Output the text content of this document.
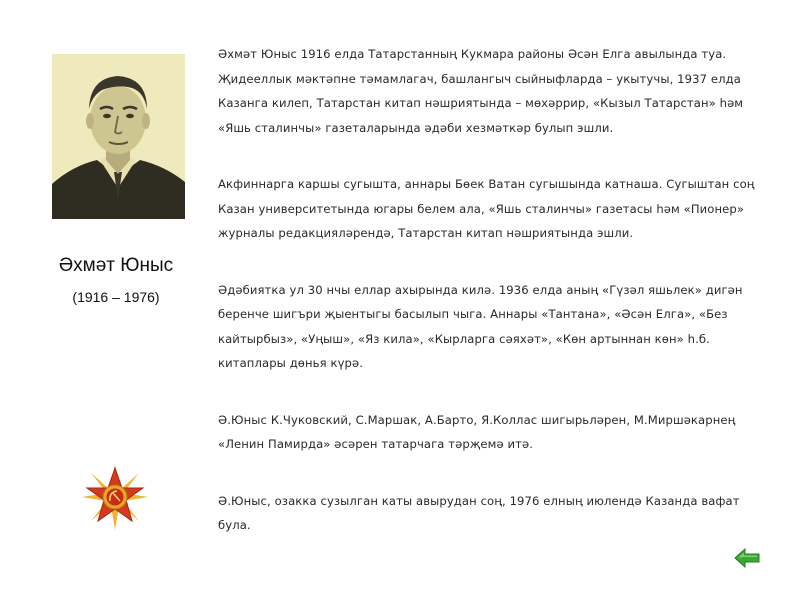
Әхмәт Юныс
(1916 – 1976)

Әхмәт Юныс 1916 елда Татарстанның Кукмара районы Әсән Елга авылында туа. Җидееллык мәктәпне тәмамлагач, башлангыч сыйныфларда – укытучы, 1937 елда Казанга килеп, Татарстан китап нәшриятында – мөхәррир, «Кызыл Татарстан» һәм «Яшь сталинчы» газеталарында әдәби хезмәткәр булып эшли.

Акфиннарга каршы сугышта, аннары Бөек Ватан сугышында катнаша. Сугыштан соң Казан университетында югары белем ала, «Яшь сталинчы» газетасы һәм «Пионер» журналы редакцияләрендә, Татарстан китап нәшриятында эшли.

Әдәбиятка ул 30 нчы еллар ахырында килә. 1936 елда аның «Гүзәл яшьлек» дигән беренче шигъри җыентыгы басылып чыга. Аннары «Тантана», «Әсән Елга», «Без кайтырбыз», «Уңыш», «Яз кила», «Кырларга сәяхәт», «Көн артыннан көн» һ.б. китаплары дөнья күрә.

Ә.Юныс К.Чуковский, С.Маршак, А.Барто, Я.Коллас шигырьләрен, М.Миршәкарнең «Ленин Памирда» әсәрен татарчага тәрҗемә итә.

Ә.Юныс, озакка сузылган каты авырудан соң, 1976 елның июлендә Казанда вафат була.
